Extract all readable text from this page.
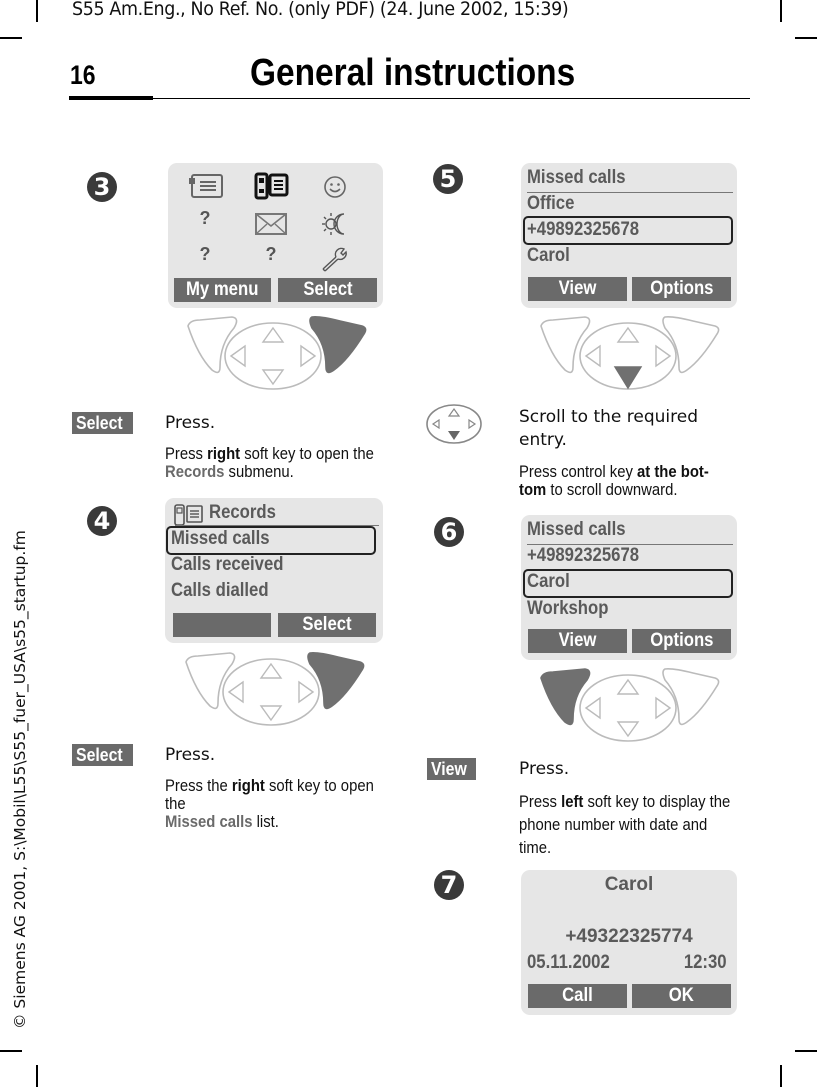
S55 Am.Eng., No Ref. No. (only PDF) (24. June 2002, 15:39)
16	General instructions
© Siemens AG 2001, S:\Mobil\L55\S55_fuer_USA\s55_startup.fm
3
?
?	?
My menu	Select
Select	Press.
Press right soft key to open the
Records submenu.
4	Records
Missed calls
Calls received
Calls dialled
Select
Select	Press.
Press the right soft key to open the
Missed calls list.
5	Missed calls
Office
+49892325678
Carol
View	Options
Scroll to the required
entry.
Press control key at the bot-
tom to scroll downward.
6	Missed calls
+49892325678
Carol
Workshop
View	Options
View	Press.
Press left soft key to display the
phone number with date and
time.
7	Carol
+49322325774
05.11.2002	12:30
Call	OK
